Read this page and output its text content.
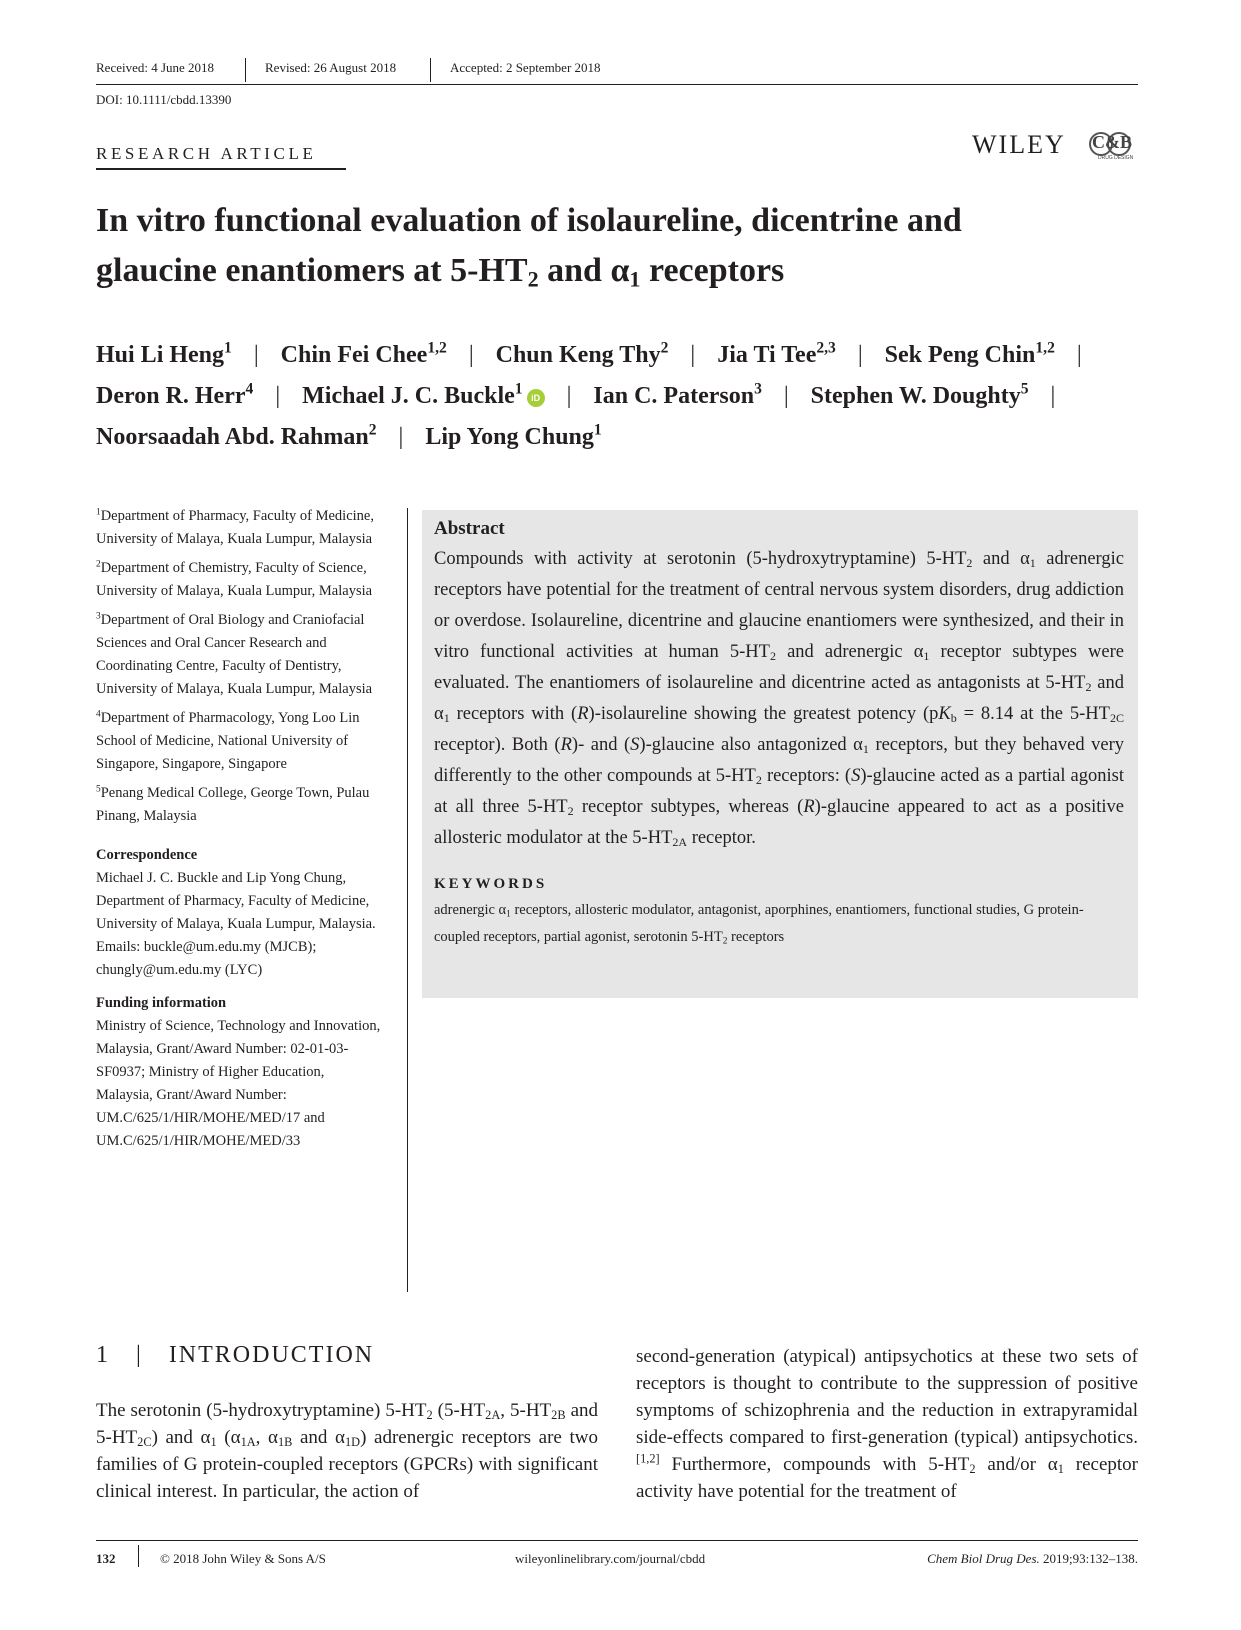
Received: 4 June 2018	Revised: 26 August 2018	Accepted: 2 September 2018
DOI: 10.1111/cbdd.13390
RESEARCH ARTICLE	WILEY C&B
DRUG DESIGN
In vitro functional evaluation of isolaureline, dicentrine and
glaucine enantiomers at $5-HT_2$ and $\alpha_1$ receptors
Hui Li Heng$^1$ | Chin Fei Chee$^{1,2}$ | Chun Keng Thy$^2$ | Jia Ti Tee$^{2,3}$ | Sek Peng Chin$^{1,2}$ |
Deron R. Herr$^4$ | Michael J. C. Buckle$^1$iD | Ian C. Paterson$^3$ | Stephen W. Doughty$^5$ |
Noorsaadah Abd. Rahman$^2$ | Lip Yong Chung$^1$

$^1$Department of Pharmacy, Faculty of Medicine, University of Malaya, Kuala Lumpur, Malaysia

$^2$Department of Chemistry, Faculty of Science, University of Malaya, Kuala Lumpur, Malaysia

$^3$Department of Oral Biology and Craniofacial Sciences and Oral Cancer Research and Coordinating Centre, Faculty of Dentistry, University of Malaya, Kuala Lumpur, Malaysia

$^4$Department of Pharmacology, Yong Loo Lin School of Medicine, National University of Singapore, Singapore, Singapore

$^5$Penang Medical College, George Town, Pulau Pinang, Malaysia

Correspondence

Michael J. C. Buckle and Lip Yong Chung, Department of Pharmacy, Faculty of Medicine, University of Malaya, Kuala Lumpur, Malaysia.

Emails: buckle@um.edu.my (MJCB); chungly@um.edu.my (LYC)

Funding information

Ministry of Science, Technology and Innovation, Malaysia, Grant/Award Number: 02-01-03-SF0937; Ministry of Higher Education, Malaysia, Grant/Award Number: UM.C/625/1/HIR/MOHE/MED/17 and UM.C/625/1/HIR/MOHE/MED/33

Abstract
Compounds with activity at serotonin (5-hydroxytryptamine) $5-HT_2$ and $\alpha_1$ adrenergic receptors have potential for the treatment of central nervous system disorders, drug addiction or overdose. Isolaureline, dicentrine and glaucine enantiomers were synthesized, and their in vitro functional activities at human $5-HT_2$ and adrenergic $\alpha_1$ receptor subtypes were evaluated. The enantiomers of isolaureline and dicentrine acted as antagonists at $5-HT_2$ and $\alpha_1$ receptors with (R)-isolaureline showing the greatest potency ($pK_b = 8.14$ at the $5-HT_{2C}$ receptor). Both (R)- and (S)-glaucine also antagonized $\alpha_1$ receptors, but they behaved very differently to the other compounds at $5-HT_2$ receptors: (S)-glaucine acted as a partial agonist at all three $5-HT_2$ receptor subtypes, whereas (R)-glaucine appeared to act as a positive allosteric modulator at the $5-HT_{2A}$ receptor.
KEYWORDS
adrenergic $\alpha_1$ receptors, allosteric modulator, antagonist, aporphines, enantiomers, functional studies, G protein-coupled receptors, partial agonist, serotonin $5-HT_2$ receptors
1 | INTRODUCTION
The serotonin (5-hydroxytryptamine) $5-HT_2$ ($5-HT_{2A}$, $5-HT_{2B}$ and $5-HT_{2C}$) and $\alpha_1$ ($\alpha_{1A}$, $\alpha_{1B}$ and $\alpha_{1D}$) adrenergic receptors are two families of G protein-coupled receptors (GPCRs) with significant clinical interest. In particular, the action of
second-generation (atypical) antipsychotics at these two sets of receptors is thought to contribute to the suppression of positive symptoms of schizophrenia and the reduction in extrapyramidal side-effects compared to first-generation (typical) antipsychotics.[1,2] Furthermore, compounds with $5-HT_2$ and/or $\alpha_1$ receptor activity have potential for the treatment of
132	© 2018 John Wiley & Sons A/S	wileyonlinelibrary.com/journal/cbdd	Chem Biol Drug Des. 2019;93:132–138.
